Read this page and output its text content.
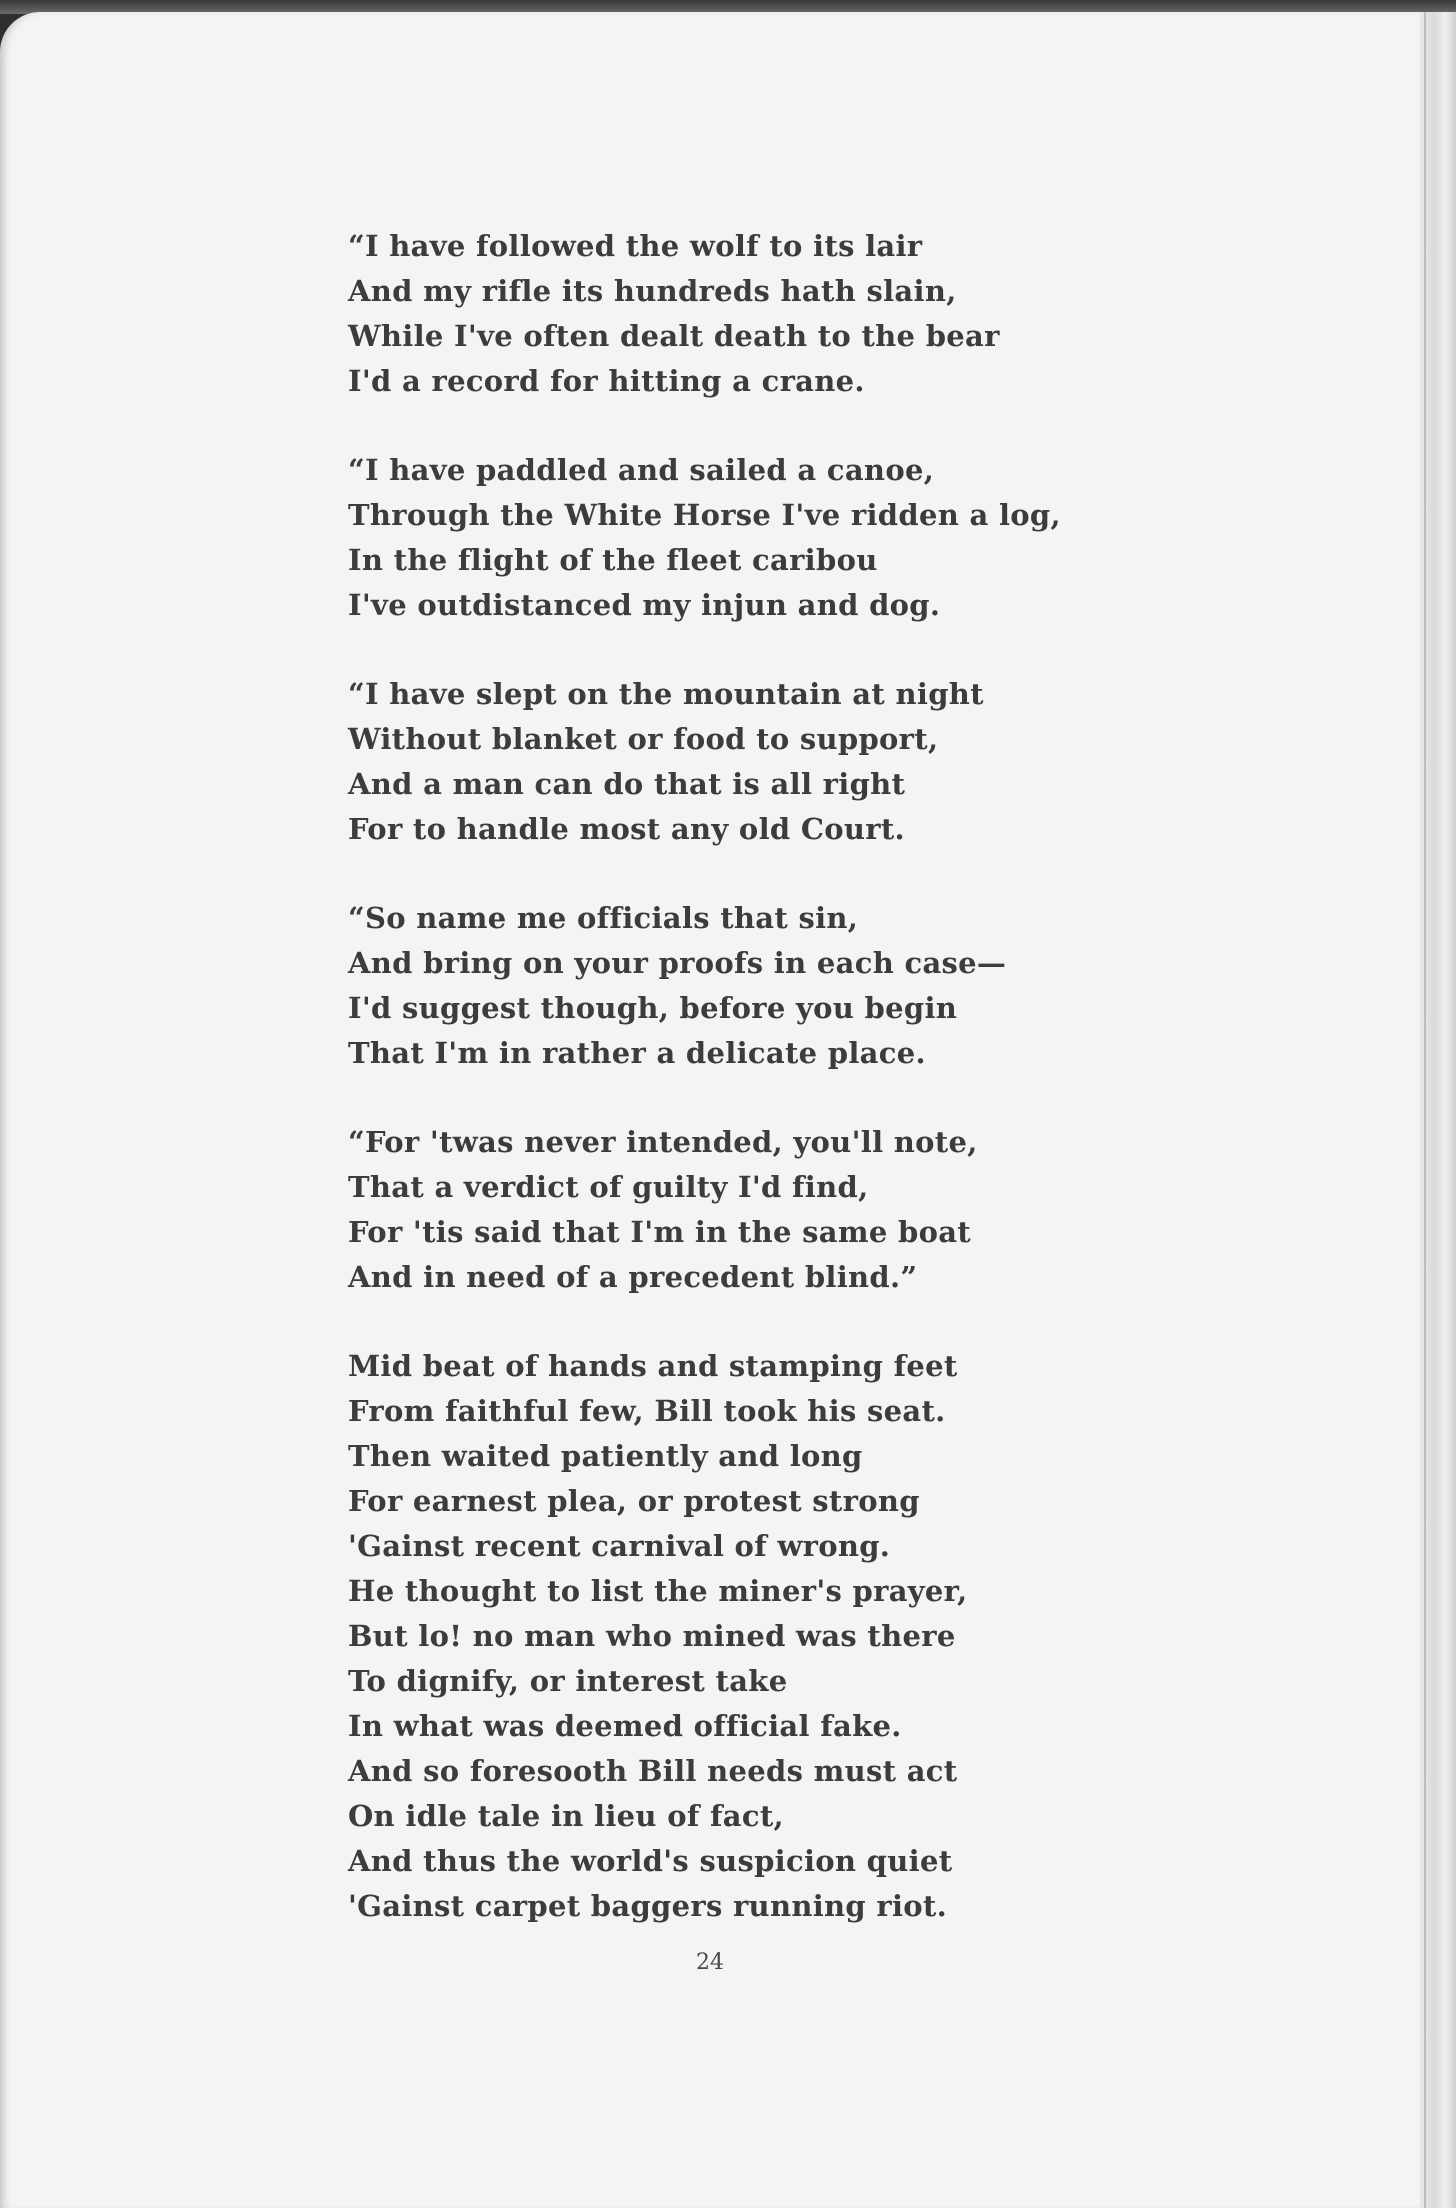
“I have followed the wolf to its lair
And my rifle its hundreds hath slain,
While I've often dealt death to the bear
I'd a record for hitting a crane.
“I have paddled and sailed a canoe,
Through the White Horse I've ridden a log,
In the flight of the fleet caribou
I've outdistanced my injun and dog.
“I have slept on the mountain at night
Without blanket or food to support,
And a man can do that is all right
For to handle most any old Court.
“So name me officials that sin,
And bring on your proofs in each case—
I'd suggest though, before you begin
That I'm in rather a delicate place.
“For 'twas never intended, you'll note,
That a verdict of guilty I'd find,
For 'tis said that I'm in the same boat
And in need of a precedent blind.”
Mid beat of hands and stamping feet
From faithful few, Bill took his seat.
Then waited patiently and long
For earnest plea, or protest strong
'Gainst recent carnival of wrong.
He thought to list the miner's prayer,
But lo! no man who mined was there
To dignify, or interest take
In what was deemed official fake.
And so foresooth Bill needs must act
On idle tale in lieu of fact,
And thus the world's suspicion quiet
'Gainst carpet baggers running riot.
24
